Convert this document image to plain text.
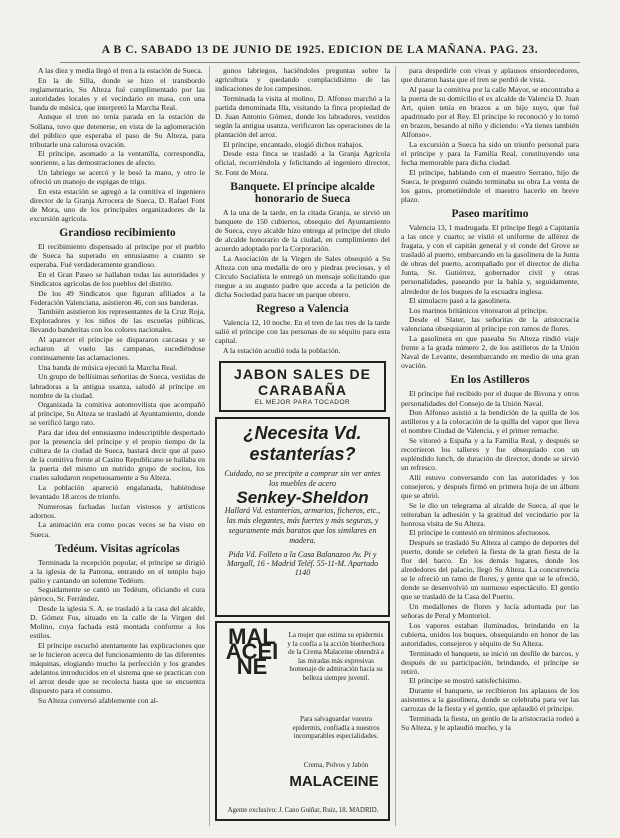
A B C. SABADO 13 DE JUNIO DE 1925. EDICION DE LA MAÑANA. PAG. 23.

A las diez y media llegó el tren a la estación de Sueca.

En la de Silla, donde se hizo el transbordo reglamentario, Su Alteza fué cumplimentado por las autoridades locales y el vecindario en masa, con una banda de música, que interpretó la Marcha Real.

Aunque el tren no tenía parada en la estación de Sollana, tuvo que detenerse, en vista de la aglomeración del público que esperaba el paso de Su Alteza, para tributarle una calurosa ovación.

El príncipe, asomado a la ventanilla, correspondía, sonriente, a las demostraciones de afecto.

Un labriego se acercó y le besó la mano, y otro le ofreció un manojo de espigas de trigo.

En esta estación se agregó a la comitiva el ingeniero director de la Granja Arrocera de Sueca, D. Rafael Font de Mora, uno de los principales organizadores de la excursión agrícola.

Grandioso recibimiento

El recibimiento dispensado al príncipe por el pueblo de Sueca ha superado en entusiasmo a cuanto se esperaba. Fué verdaderamente grandioso.

En el Gran Paseo se hallaban todas las autoridades y Sindicatos agrícolas de los pueblos del distrito.

De los 49 Sindicatos que figuran afiliados a la Federación Valenciana, asistieron 46, con sus banderas.

También asistieron los representantes de la Cruz Roja, Exploradores y los niños de las escuelas públicas, llevando banderitas con los colores nacionales.

Al aparecer el príncipe se dispararon carcasas y se echaron al vuelo las campanas, sucediéndose continuamente las aclamaciones.

Una banda de música ejecutó la Marcha Real.

Un grupo de bellísimas señoritas de Sueca, vestidas de labradoras a la antigua usanza, saludó al príncipe en nombre de la ciudad.

Organizada la comitiva automovilista que acompañó al príncipe, Su Alteza se trasladó al Ayuntamiento, donde se verificó largo rato.

Para dar idea del entusiasmo indescriptible despertado por la presencia del príncipe y el propio tiempo de la cultura de la ciudad de Sueca, bastará decir que al paso de la comitiva frente al Casino Republicano se hallaba en la puerta del mismo un nutrido grupo de socios, los cuales saludaron respetuosamente a Su Alteza.

La población apareció engalanada, habiéndose levantado 18 arcos de triunfo.

Numerosas fachadas lucían vistosos y artísticos adornos.

La animación era como pocas veces se ha visto en Sueca.

Tedéum. Visitas agrícolas

Terminada la recepción popular, el príncipe se dirigió a la iglesia de la Patrona, entrando en el templo bajo palio y cantando un solemne Tedéum.

Seguidamente se cantó un Tedéum, oficiando el cura párroco, Sr. Ferrández.

Desde la iglesia S. A. se trasladó a la casa del alcalde, D. Gómez Fus, situado en la calle de la Virgen del Molino, cuya fachada está montada conforme a los estilos.

El príncipe escuchó atentamente las explicaciones que se le hicieron acerca del funcionamiento de las diferentes máquinas, elogiando mucho la perfección y los grandes adelantos introducidos en el sistema que se practican con el arroz desde que se recolecta hasta que se encuentra dispuesto para el consumo.

Su Alteza conversó afablemente con al-

gunos labriegos, haciéndoles preguntas sobre la agricultura y quedando complacidísimo de las indicaciones de los campesinos.

Terminada la visita al molino, D. Alfonso marchó a la partida denominada Illa, visitando la finca propiedad de D. Juan Antonio Gómez, donde los labradores, vestidos según la antigua usanza, verificaron las operaciones de la plantación del arroz.

El príncipe, encantado, elogió dichos trabajos.

Desde esta finca se trasladó a la Granja Agrícola oficial, recorriéndola y felicitando al ingeniero director, Sr. Font de Mora.

Banquete. El príncipe alcalde honorario de Sueca

A la una de la tarde, en la citada Granja, se sirvió un banquete de 150 cubiertos, obsequio del Ayuntamiento de Sueca, cuyo alcalde hizo entrega al príncipe del título de alcalde honorario de la ciudad, en cumplimiento del acuerdo adoptado por la Corporación.

La Asociación de la Virgen de Sales obsequió a Su Alteza con una medalla de oro y piedras preciosas, y el Círculo Socialista le entregó un mensaje solicitando que ruegue a su augusto padre que acceda a la petición de dicha Sociedad para hacer un parque obrero.

Regreso a Valencia

Valencia 12, 10 noche. En el tren de las tres de la tarde salió el príncipe con las personas de su séquito para esta capital.

A la estación acudió toda la población.

JABON SALES DE
CARABAÑA
EL MEJOR PARA TOCADOR
¿Necesita Vd.
estanterías?
Cuidado, no se precipite a comprar sin ver antes los muebles de acero
Senkey-Sheldon
Hallará Vd. estanterías, armarios, ficheros, etc., las más elegantes, más fuertes y más seguras, y seguramente más baratos que los similares en madera.
Pida Vd. Folleto a la Casa Balanazoo Av. Pi y Margall, 16 - Madrid Teléf. 55-11-M. Apartado 1140
MALACEINE
La mujer que estima su epidermis y la confía a la acción bienhechora de la Crema Malaceine obtendrá a las miradas más expresivas homenaje de admiración hacia su belleza siempre juvenil.
Para salvaguardar vuestra epidermis, confiadla a nuestros incomparables especialidades.
Crema, Polvos y Jabón
MALACEINE
Agente exclusivo: J. Cano Guiñar, Ruiz, 18. MADRID.

para despedirle con vivas y aplausos ensordecedores, que duraron hasta que el tren se perdió de vista.

Al pasar la comitiva por la calle Mayor, se encontraba a la puerta de su domicilio el ex alcalde de Valencia D. Juan Art, quien tenía en brazos a un hijo suyo, que fué apadrinado por el Rey. El príncipe lo reconoció y lo tomó en brazos, besando al niño y diciendo: «Ya tienes también Alfonso».

La excursión a Sueca ha sido un triunfo personal para el príncipe y para la Familia Real, constituyendo una fecha memorable para dicha ciudad.

El príncipe, hablando con el maestro Serrano, hijo de Sueca, le preguntó cuándo terminaba su obra La venta de los gatos, prometiéndole el maestro hacerlo en breve plazo.

Paseo marítimo

Valencia 13, 1 madrugada. El príncipe llegó a Capitanía a las once y cuarto; se vistió el uniforme de alférez de fragata, y con el capitán general y el conde del Grove se trasladó al puerto, embarcando en la gasolinera de la Junta de obras del puerto, acompañado por el director de dicha Junta, Sr. Gutiérrez, gobernador civil y otras personalidades, paseando por la bahía y, seguidamente, alrededor de los buques de la escuadra inglesa.

El simulacro pasó a la gasolinera.

Los marinos británicos vitorearon al príncipe.

Desde el Slater, las señoritas de la aristocracia valenciana obsequiaron al príncipe con ramos de flores.

La gasolinera en que paseaba Su Alteza rindió viaje frente a la grada número 2, de los astilleros de la Unión Naval de Levante, desembarcando en medio de una gran ovación.

En los Astilleros

El príncipe fué recibido por el duque de Bivona y otros personalidades del Consejo de la Unión Naval.

Don Alfonso asistió a la bendición de la quilla de los astilleros y a la colocación de la quilla del vapor que lleva el nombre Ciudad de Valencia, y el primer remache.

Se vitoreó a España y a la Familia Real, y después se recorrieron los talleres y fue obsequiado con un espléndido lunch, de duración de director, donde se sirvió un refresco.

Allí estuvo conversando con las autoridades y los consejeros, y después firmó en primera hoja de un álbum que se abrió.

Se le dio un telegrama al alcalde de Sueca, al que le reiteraban la adhesión y la gratitud del vecindario por la honrosa visita de Su Alteza.

El príncipe le contestó en términos afectuosos.

Después se trasladó Su Alteza al campo de deportes del puerto, donde se celebró la fiesta de la gran fiesta de la flor del barco. En los demás lugares, donde los alrededores del palacio, llegó Su Alteza. La concurrencia se le ofreció un ramo de flores, y gente que se le ofreció, donde se desenvolvió un suntuoso espectáculo. El gentío que se trasladó de la Casa del Puerto.

Un medallones de flores y lucía adornada por las señoras de Peral y Montoriol.

Los vapores estaban iluminados, brindando en la cubierta, unidos los buques, obsequiando en honor de las autoridades, consejeros y séquito de Su Alteza.

Terminado el banquete, se inició un desfile de barcos, y después de su participación, brindando, el príncipe se retiró.

El príncipe se mostró satisfechísimo.

Durante el banquete, se recibieron los aplausos de los asistentes a la gasolinera, donde se celebraba para ver las carrozas de la fiesta y el gentío, que aplaudió el príncipe.

Terminada la fiesta, un gentío de la aristocracia rodeó a Su Alteza, y le aplaudió mucho, y la
